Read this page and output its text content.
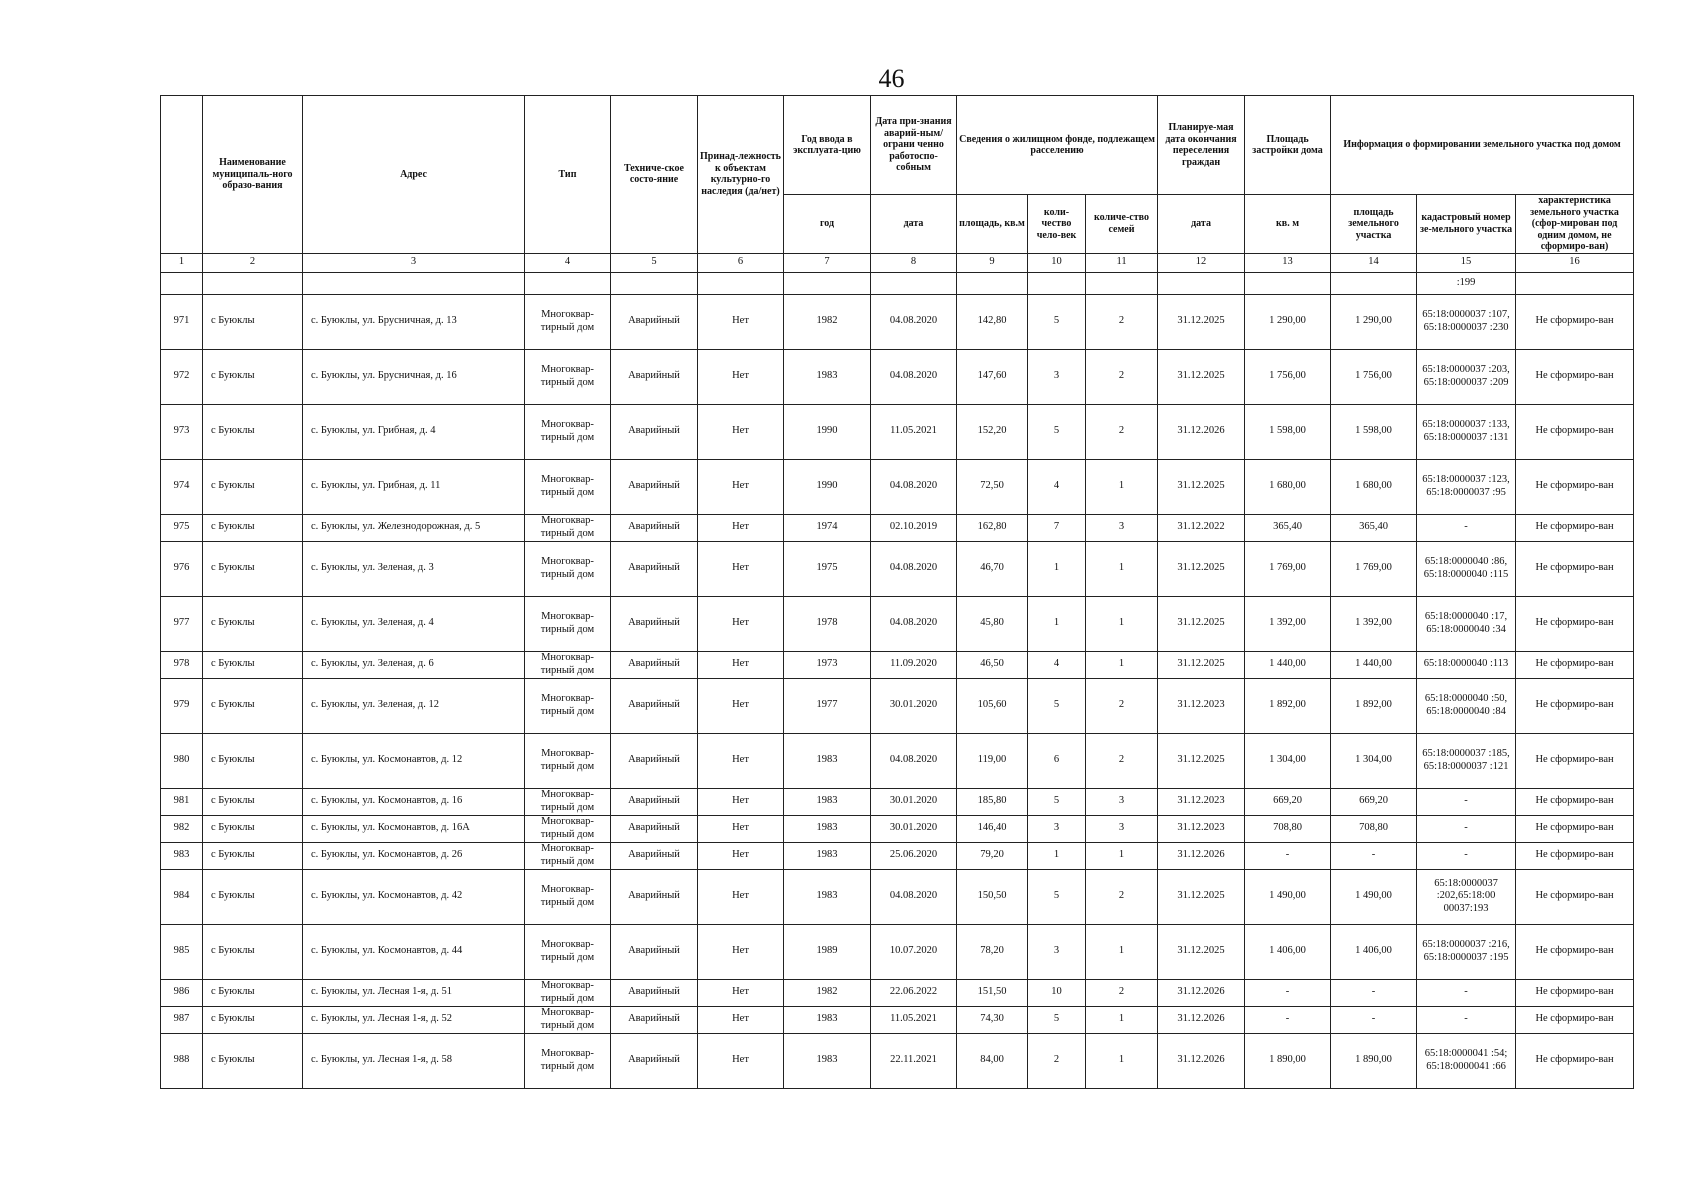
46
	Наименование муниципаль-ного образо-вания	Адрес	Тип	Техниче-ское состо-яние	Принад-лежность к объектам культурно-го наследия (да/нет)	Год ввода в эксплуата-цию	Дата при-знания аварий-ным/ограни ченно работоспо-собным	Сведения о жилищном фонде, подлежащем расселению			Планируе-мая дата окончания переселения граждан	Площадь застройки дома	Информация о формировании земельного участка под домом		
						год	дата	площадь, кв.м	коли-чество чело-век	количе-ство семей	дата	кв. м	площадь земельного участка	кадастровый номер зе-мельного участка	характеристика земельного участка (сфор-мирован под одним домом, не сформиро-ван)
1	2	3	4	5	6	7	8	9	10	11	12	13	14	15	16
														:199	
971	с Буюклы	с. Буюклы, ул. Брусничная, д. 13	Многоквар-тирный дом	Аварийный	Нет	1982	04.08.2020	142,80	5	2	31.12.2025	1 290,00	1 290,00	65:18:0000037 :107, 65:18:0000037 :230	Не сформиро-ван
972	с Буюклы	с. Буюклы, ул. Брусничная, д. 16	Многоквар-тирный дом	Аварийный	Нет	1983	04.08.2020	147,60	3	2	31.12.2025	1 756,00	1 756,00	65:18:0000037 :203, 65:18:0000037 :209	Не сформиро-ван
973	с Буюклы	с. Буюклы, ул. Грибная, д. 4	Многоквар-тирный дом	Аварийный	Нет	1990	11.05.2021	152,20	5	2	31.12.2026	1 598,00	1 598,00	65:18:0000037 :133, 65:18:0000037 :131	Не сформиро-ван
974	с Буюклы	с. Буюклы, ул. Грибная, д. 11	Многоквар-тирный дом	Аварийный	Нет	1990	04.08.2020	72,50	4	1	31.12.2025	1 680,00	1 680,00	65:18:0000037 :123, 65:18:0000037 :95	Не сформиро-ван
975	с Буюклы	с. Буюклы, ул. Железнодорожная, д. 5	Многоквар-тирный дом	Аварийный	Нет	1974	02.10.2019	162,80	7	3	31.12.2022	365,40	365,40	-	Не сформиро-ван
976	с Буюклы	с. Буюклы, ул. Зеленая, д. 3	Многоквар-тирный дом	Аварийный	Нет	1975	04.08.2020	46,70	1	1	31.12.2025	1 769,00	1 769,00	65:18:0000040 :86, 65:18:0000040 :115	Не сформиро-ван
977	с Буюклы	с. Буюклы, ул. Зеленая, д. 4	Многоквар-тирный дом	Аварийный	Нет	1978	04.08.2020	45,80	1	1	31.12.2025	1 392,00	1 392,00	65:18:0000040 :17, 65:18:0000040 :34	Не сформиро-ван
978	с Буюклы	с. Буюклы, ул. Зеленая, д. 6	Многоквар-тирный дом	Аварийный	Нет	1973	11.09.2020	46,50	4	1	31.12.2025	1 440,00	1 440,00	65:18:0000040 :113	Не сформиро-ван
979	с Буюклы	с. Буюклы, ул. Зеленая, д. 12	Многоквар-тирный дом	Аварийный	Нет	1977	30.01.2020	105,60	5	2	31.12.2023	1 892,00	1 892,00	65:18:0000040 :50, 65:18:0000040 :84	Не сформиро-ван
980	с Буюклы	с. Буюклы, ул. Космонавтов, д. 12	Многоквар-тирный дом	Аварийный	Нет	1983	04.08.2020	119,00	6	2	31.12.2025	1 304,00	1 304,00	65:18:0000037 :185, 65:18:0000037 :121	Не сформиро-ван
981	с Буюклы	с. Буюклы, ул. Космонавтов, д. 16	Многоквар-тирный дом	Аварийный	Нет	1983	30.01.2020	185,80	5	3	31.12.2023	669,20	669,20	-	Не сформиро-ван
982	с Буюклы	с. Буюклы, ул. Космонавтов, д. 16А	Многоквар-тирный дом	Аварийный	Нет	1983	30.01.2020	146,40	3	3	31.12.2023	708,80	708,80	-	Не сформиро-ван
983	с Буюклы	с. Буюклы, ул. Космонавтов, д. 26	Многоквар-тирный дом	Аварийный	Нет	1983	25.06.2020	79,20	1	1	31.12.2026	-	-	-	Не сформиро-ван
984	с Буюклы	с. Буюклы, ул. Космонавтов, д. 42	Многоквар-тирный дом	Аварийный	Нет	1983	04.08.2020	150,50	5	2	31.12.2025	1 490,00	1 490,00	65:18:0000037 :202,65:18:00 00037:193	Не сформиро-ван
985	с Буюклы	с. Буюклы, ул. Космонавтов, д. 44	Многоквар-тирный дом	Аварийный	Нет	1989	10.07.2020	78,20	3	1	31.12.2025	1 406,00	1 406,00	65:18:0000037 :216, 65:18:0000037 :195	Не сформиро-ван
986	с Буюклы	с. Буюклы, ул. Лесная 1-я, д. 51	Многоквар-тирный дом	Аварийный	Нет	1982	22.06.2022	151,50	10	2	31.12.2026	-	-	-	Не сформиро-ван
987	с Буюклы	с. Буюклы, ул. Лесная 1-я, д. 52	Многоквар-тирный дом	Аварийный	Нет	1983	11.05.2021	74,30	5	1	31.12.2026	-	-	-	Не сформиро-ван
988	с Буюклы	с. Буюклы, ул. Лесная 1-я, д. 58	Многоквар-тирный дом	Аварийный	Нет	1983	22.11.2021	84,00	2	1	31.12.2026	1 890,00	1 890,00	65:18:0000041 :54; 65:18:0000041 :66	Не сформиро-ван
